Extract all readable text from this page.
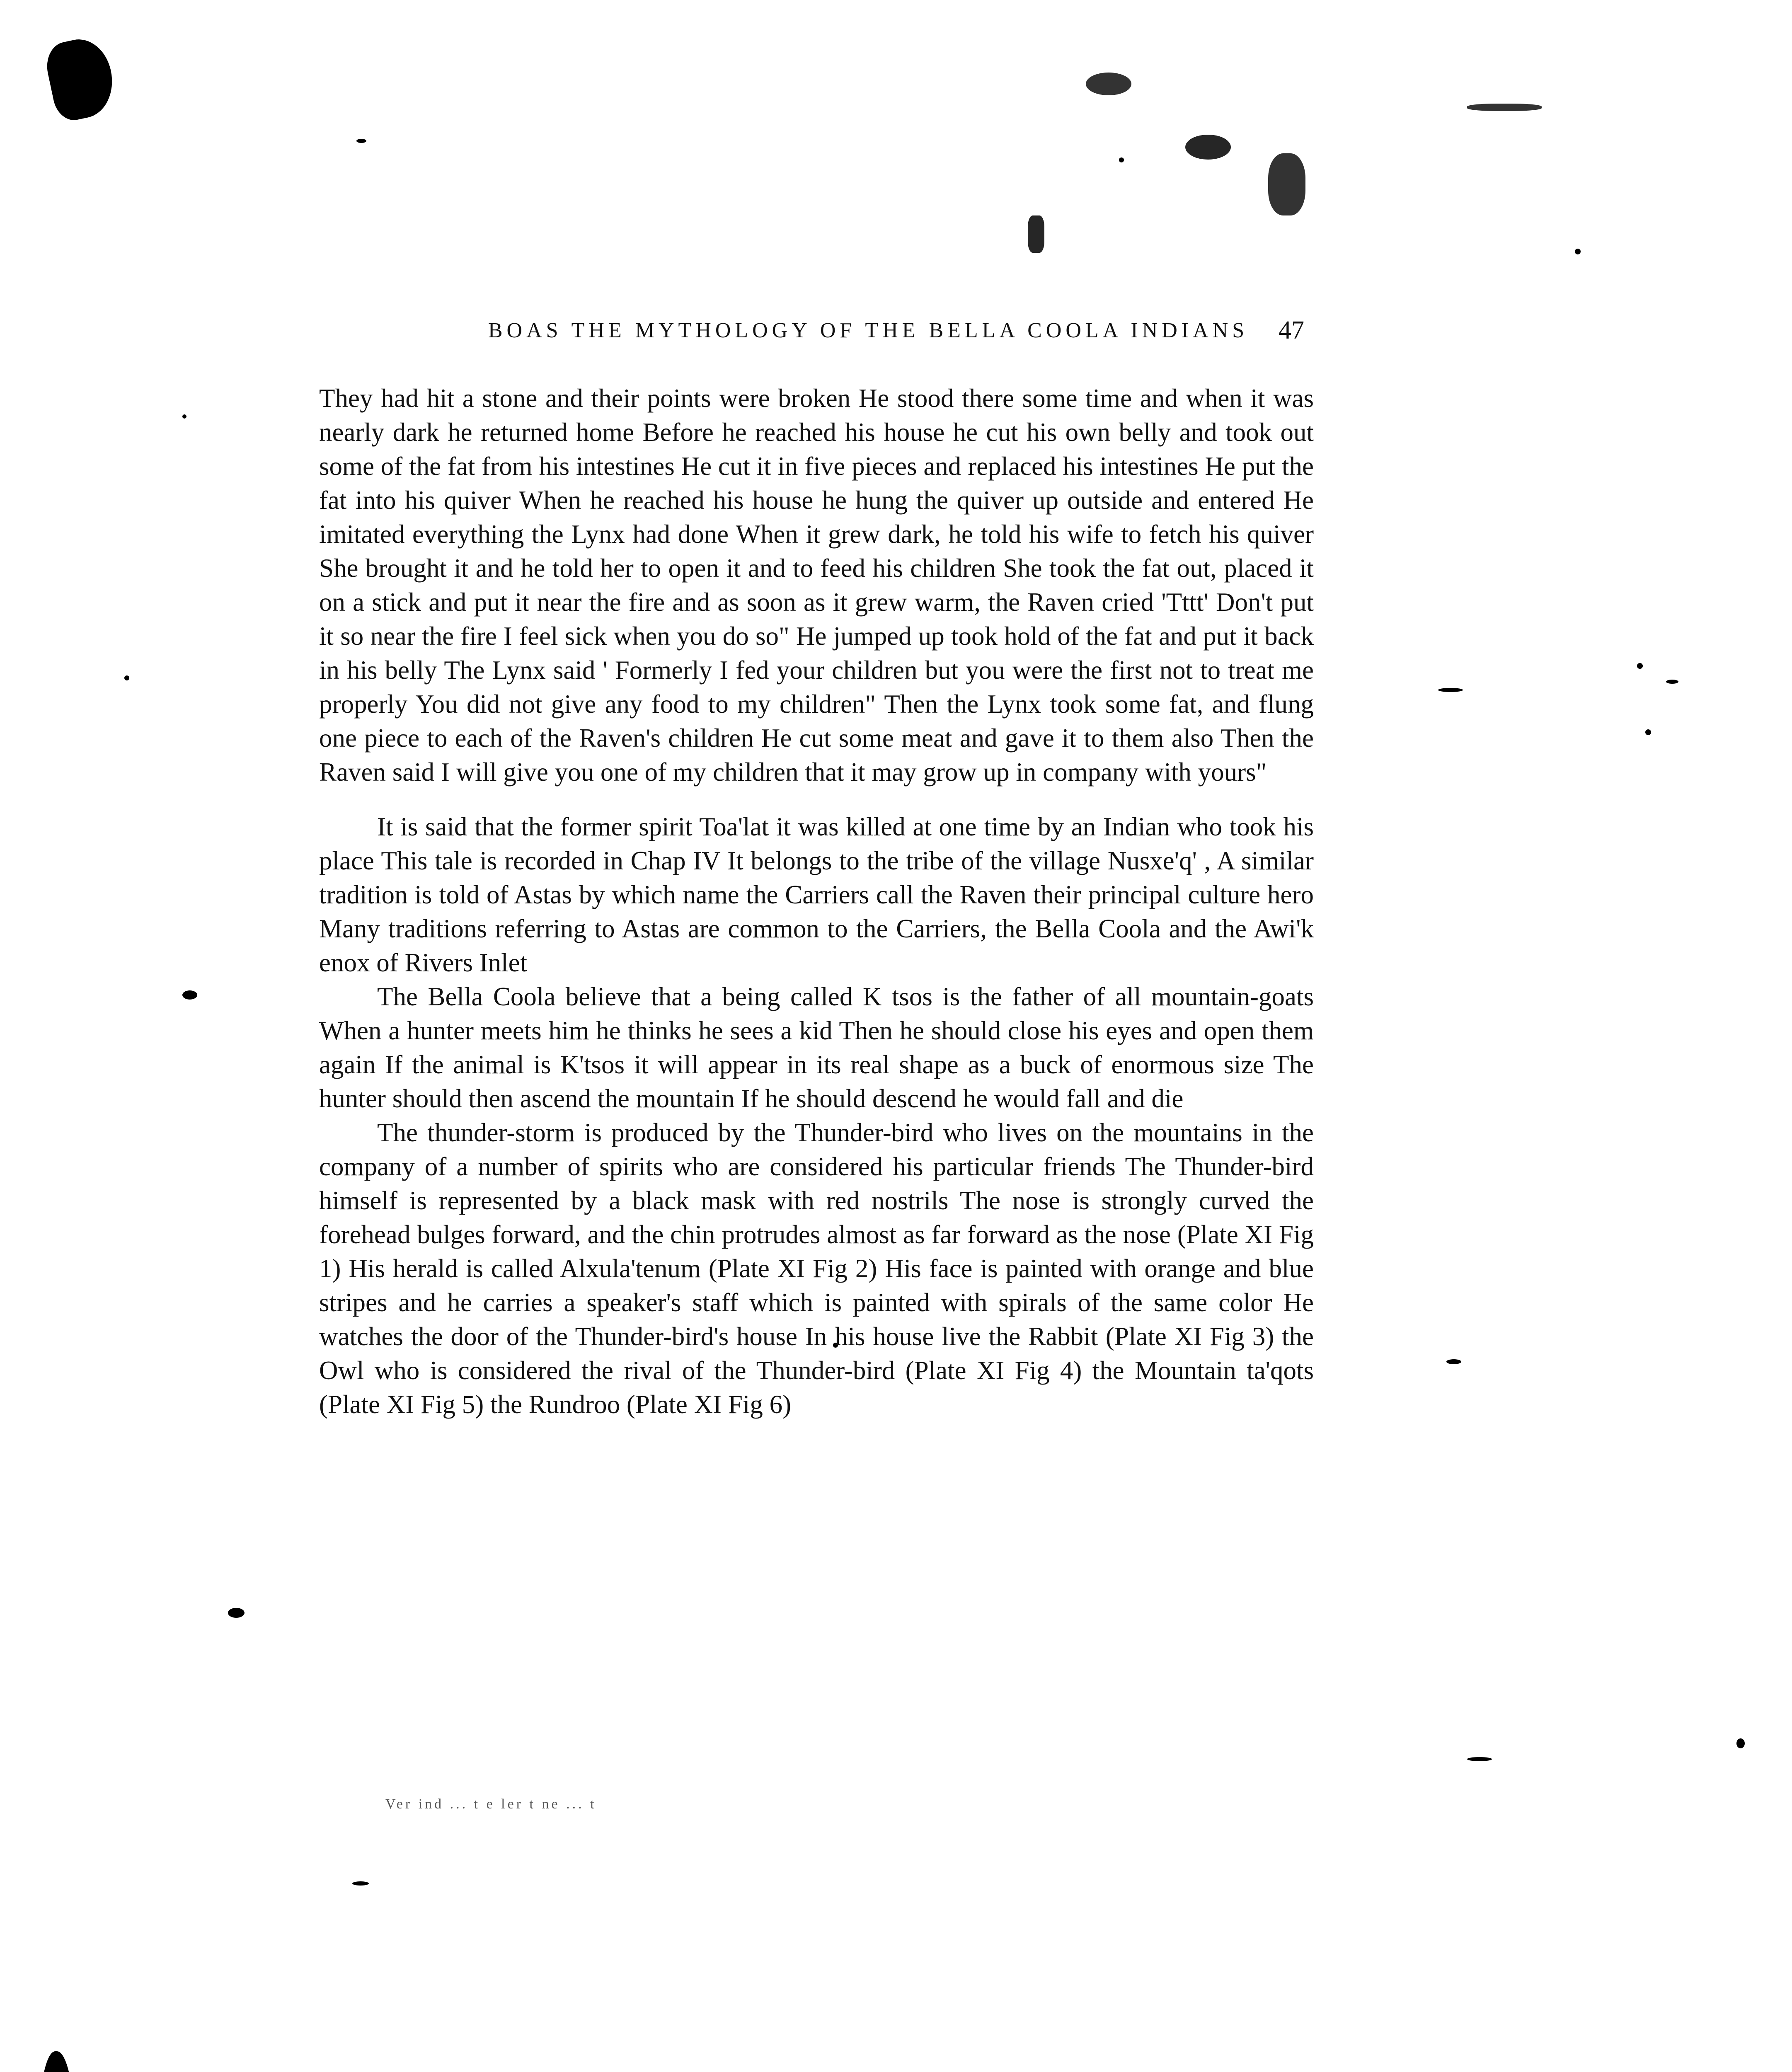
BOAS THE MYTHOLOGY OF THE BELLA COOLA INDIANS	47

They had hit a stone and their points were broken He stood there some time and when it was nearly dark he returned home Before he reached his house he cut his own belly and took out some of the fat from his intestines He cut it in five pieces and replaced his intestines He put the fat into his quiver When he reached his house he hung the quiver up outside and entered He imitated everything the Lynx had done When it grew dark, he told his wife to fetch his quiver She brought it and he told her to open it and to feed his children She took the fat out, placed it on a stick and put it near the fire and as soon as it grew warm, the Raven cried 'Tttt' Don't put it so near the fire I feel sick when you do so" He jumped up took hold of the fat and put it back in his belly The Lynx said ' Formerly I fed your children but you were the first not to treat me properly You did not give any food to my children" Then the Lynx took some fat, and flung one piece to each of the Raven's children He cut some meat and gave it to them also Then the Raven said I will give you one of my children that it may grow up in company with yours"

It is said that the former spirit Toa'lat it was killed at one time by an Indian who took his place This tale is recorded in Chap IV It belongs to the tribe of the village Nusxe'q' , A similar tradition is told of Astas by which name the Carriers call the Raven their principal culture hero Many traditions referring to Astas are common to the Carriers, the Bella Coola and the Awi'k enox of Rivers Inlet

The Bella Coola believe that a being called K tsos is the father of all mountain-goats When a hunter meets him he thinks he sees a kid Then he should close his eyes and open them again If the animal is K'tsos it will appear in its real shape as a buck of enormous size The hunter should then ascend the mountain If he should descend he would fall and die

The thunder-storm is produced by the Thunder-bird who lives on the mountains in the company of a number of spirits who are considered his particular friends The Thunder-bird himself is represented by a black mask with red nostrils The nose is strongly curved the forehead bulges forward, and the chin protrudes almost as far forward as the nose (Plate XI Fig 1) His herald is called Alxula'tenum (Plate XI Fig 2) His face is painted with orange and blue stripes and he carries a speaker's staff which is painted with spirals of the same color He watches the door of the Thunder-bird's house In his house live the Rabbit (Plate XI Fig 3) the Owl who is considered the rival of the Thunder-bird (Plate XI Fig 4) the Mountain ta'qots (Plate XI Fig 5) the Rundroo (Plate XI Fig 6)

Ver ind ... t e ler t ne ... t
